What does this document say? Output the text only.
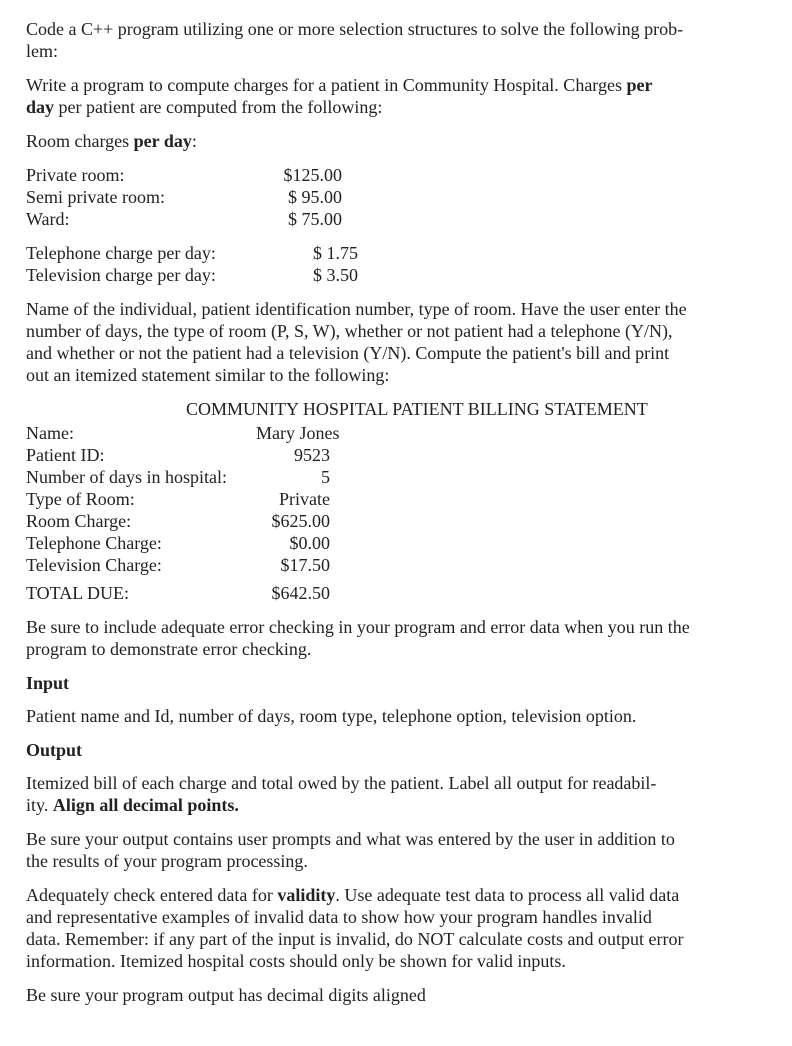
Code a C++ program utilizing one or more selection structures to solve the following prob-

lem:

Write a program to compute charges for a patient in Community Hospital. Charges per

day per patient are computed from the following:

Room charges per day:

Private room:	$125.00
Semi private room:	$ 95.00
Ward:	$ 75.00
Telephone charge per day:	$ 1.75
Television charge per day:	$ 3.50

Name of the individual, patient identification number, type of room. Have the user enter the

number of days, the type of room (P, S, W), whether or not patient had a telephone (Y/N),

and whether or not the patient had a television (Y/N). Compute the patient's bill and print

out an itemized statement similar to the following:

COMMUNITY HOSPITAL PATIENT BILLING STATEMENT

Name:	Mary Jones
Patient ID:	9523
Number of days in hospital:	5
Type of Room:	Private
Room Charge:	$625.00
Telephone Charge:	$0.00
Television Charge:	$17.50
TOTAL DUE:	$642.50

Be sure to include adequate error checking in your program and error data when you run the

program to demonstrate error checking.

Input

Patient name and Id, number of days, room type, telephone option, television option.

Output

Itemized bill of each charge and total owed by the patient. Label all output for readabil-

ity. Align all decimal points.

Be sure your output contains user prompts and what was entered by the user in addition to

the results of your program processing.

Adequately check entered data for validity. Use adequate test data to process all valid data

and representative examples of invalid data to show how your program handles invalid

data. Remember: if any part of the input is invalid, do NOT calculate costs and output error

information. Itemized hospital costs should only be shown for valid inputs.

Be sure your program output has decimal digits aligned
